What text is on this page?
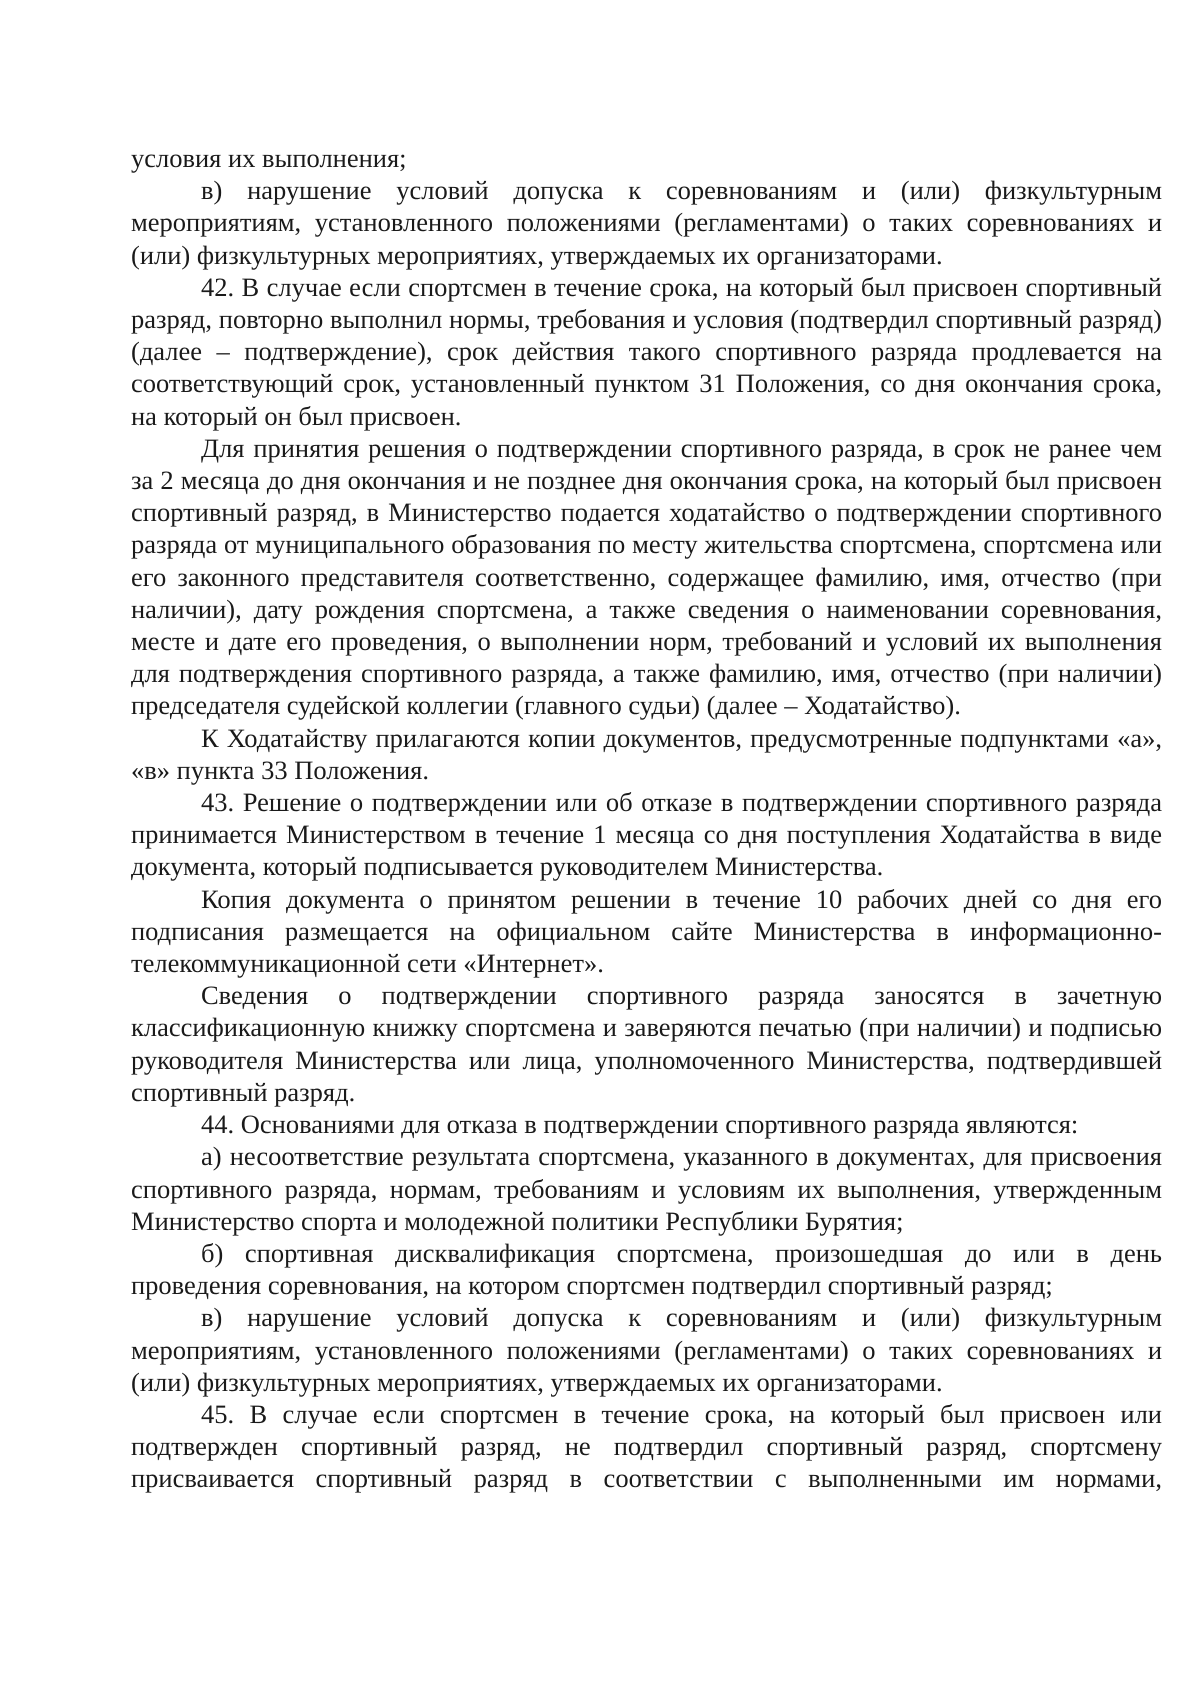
условия их выполнения;

в) нарушение условий допуска к соревнованиям и (или) физкультурным мероприятиям, установленного положениями (регламентами) о таких соревнованиях и (или) физкультурных мероприятиях, утверждаемых их организаторами.

42. В случае если спортсмен в течение срока, на который был присвоен спортивный разряд, повторно выполнил нормы, требования и условия (подтвердил спортивный разряд) (далее – подтверждение), срок действия такого спортивного разряда продлевается на соответствующий срок, установленный пунктом 31 Положения, со дня окончания срока, на который он был присвоен.

Для принятия решения о подтверждении спортивного разряда, в срок не ранее чем за 2 месяца до дня окончания и не позднее дня окончания срока, на который был присвоен спортивный разряд, в Министерство подается ходатайство о подтверждении спортивного разряда от муниципального образования по месту жительства спортсмена, спортсмена или его законного представителя соответственно, содержащее фамилию, имя, отчество (при наличии), дату рождения спортсмена, а также сведения о наименовании соревнования, месте и дате его проведения, о выполнении норм, требований и условий их выполнения для подтверждения спортивного разряда, а также фамилию, имя, отчество (при наличии) председателя судейской коллегии (главного судьи) (далее – Ходатайство).

К Ходатайству прилагаются копии документов, предусмотренные подпунктами «а», «в» пункта 33 Положения.

43. Решение о подтверждении или об отказе в подтверждении спортивного разряда принимается Министерством в течение 1 месяца со дня поступления Ходатайства в виде документа, который подписывается руководителем Министерства.

Копия документа о принятом решении в течение 10 рабочих дней со дня его подписания размещается на официальном сайте Министерства в информационно-телекоммуникационной сети «Интернет».

Сведения о подтверждении спортивного разряда заносятся в зачетную классификационную книжку спортсмена и заверяются печатью (при наличии) и подписью руководителя Министерства или лица, уполномоченного Министерства, подтвердившей спортивный разряд.

44. Основаниями для отказа в подтверждении спортивного разряда являются:

а) несоответствие результата спортсмена, указанного в документах, для присвоения спортивного разряда, нормам, требованиям и условиям их выполнения, утвержденным Министерство спорта и молодежной политики Республики Бурятия;

б) спортивная дисквалификация спортсмена, произошедшая до или в день проведения соревнования, на котором спортсмен подтвердил спортивный разряд;

в) нарушение условий допуска к соревнованиям и (или) физкультурным мероприятиям, установленного положениями (регламентами) о таких соревнованиях и (или) физкультурных мероприятиях, утверждаемых их организаторами.

45. В случае если спортсмен в течение срока, на который был присвоен или подтвержден спортивный разряд, не подтвердил спортивный разряд, спортсмену присваивается спортивный разряд в соответствии с выполненными им нормами,
